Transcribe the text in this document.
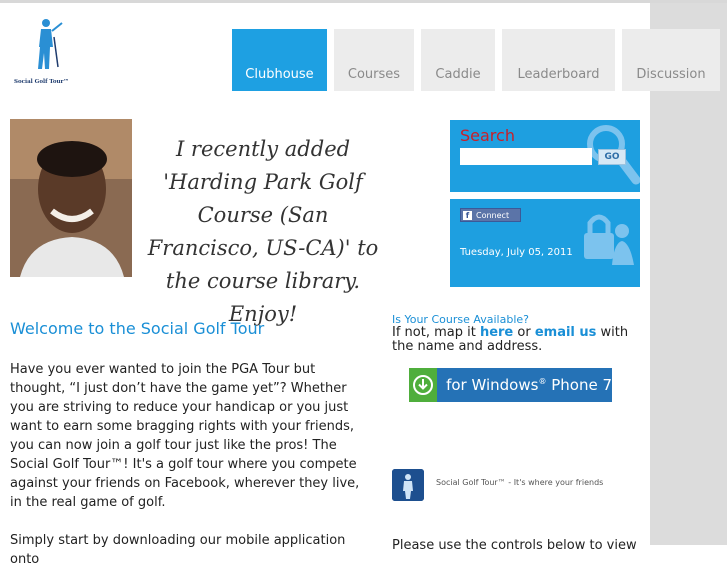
Social Golf Tour™	Clubhouse	Courses	Caddie	Leaderboard	Discussion
I recently added 'Harding Park Golf Course (San Francisco, US-CA)' to the course library. Enjoy!
Welcome to the Social Golf Tour
Have you ever wanted to join the PGA Tour but thought, “I just don’t have the game yet”? Whether you are striving to reduce your handicap or you just want to earn some bragging rights with your friends, you can now join a golf tour just like the pros! The Social Golf Tour™! It's a golf tour where you compete against your friends on Facebook, wherever they live, in the real game of golf.
Simply start by downloading our mobile application onto
Search
GO
f Connect
Tuesday, July 05, 2011
Is Your Course Available?
If not, map it here or email us with the name and address.
for Windows® Phone 7
Social Golf Tour™ - It's where your friends
Please use the controls below to view
